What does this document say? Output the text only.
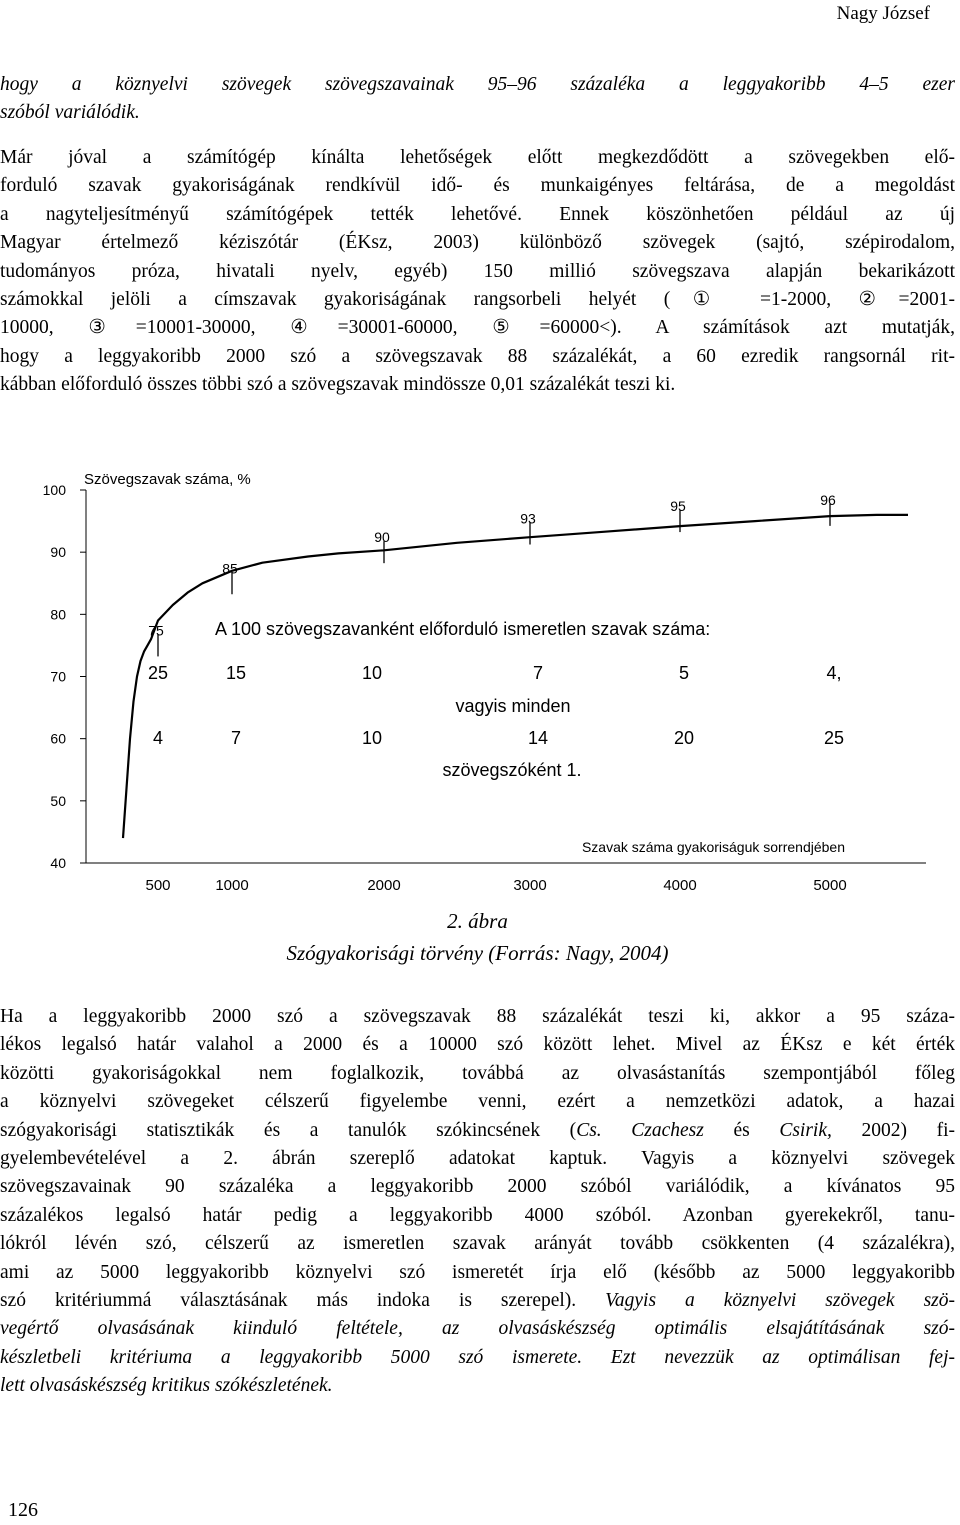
Nagy József
hogy a köznyelvi szövegek szövegszavainak 95–96 százaléka a leggyakoribb 4–5 ezer
szóból variálódik.
Már jóval a számítógép kínálta lehetőségek előtt megkezdődött a szövegekben elő-
forduló szavak gyakoriságának rendkívül idő- és munkaigényes feltárása, de a megoldást
a nagyteljesítményű számítógépek tették lehetővé. Ennek köszönhetően például az új
Magyar értelmező kéziszótár (ÉKsz, 2003) különböző szövegek (sajtó, szépirodalom,
tudományos próza, hivatali nyelv, egyéb) 150 millió szövegszava alapján bekarikázott
számokkal jelöli a címszavak gyakoriságának rangsorbeli helyét (① =1-2000, ②=2001-
10000, ③=10001-30000, ④=30001-60000, ⑤=60000<). A számítások azt mutatják,
hogy a leggyakoribb 2000 szó a szövegszavak 88 százalékát, a 60 ezredik rangsornál rit-
kábban előforduló összes többi szó a szövegszavak mindössze 0,01 százalékát teszi ki.
100
90
80
70
60
50
40
500	1000	2000	3000	4000	5000
Szövegszavak száma, %
Szavak száma gyakoriságuk sorrendjében
75
85
90
93
95	96
A 100 szövegszavanként előforduló ismeretlen szavak száma:
25	15	10	7	5	4,
vagyis minden
4	7	10	14	20	25
szövegszóként 1.
2. ábra
Szógyakorisági törvény (Forrás: Nagy, 2004)
Ha a leggyakoribb 2000 szó a szövegszavak 88 százalékát teszi ki, akkor a 95 száza-
lékos legalsó határ valahol a 2000 és a 10000 szó között lehet. Mivel az ÉKsz e két érték
közötti gyakoriságokkal nem foglalkozik, továbbá az olvasástanítás szempontjából főleg
a köznyelvi szövegeket célszerű figyelembe venni, ezért a nemzetközi adatok, a hazai
szógyakorisági statisztikák és a tanulók szókincsének (Cs. Czachesz és Csirik, 2002) fi-
gyelembevételével a 2. ábrán szereplő adatokat kaptuk. Vagyis a köznyelvi szövegek
szövegszavainak 90 százaléka a leggyakoribb 2000 szóból variálódik, a kívánatos 95
százalékos legalsó határ pedig a leggyakoribb 4000 szóból. Azonban gyerekekről, tanu-
lókról lévén szó, célszerű az ismeretlen szavak arányát tovább csökkenten (4 százalékra),
ami az 5000 leggyakoribb köznyelvi szó ismeretét írja elő (később az 5000 leggyakoribb
szó kritériummá választásának más indoka is szerepel). Vagyis a köznyelvi szövegek szö-
vegértő olvasásának kiinduló feltétele, az olvasáskészség optimális elsajátításának szó-
készletbeli kritériuma a leggyakoribb 5000 szó ismerete. Ezt nevezzük az optimálisan fej-
lett olvasáskészség kritikus szókészletének.
126
